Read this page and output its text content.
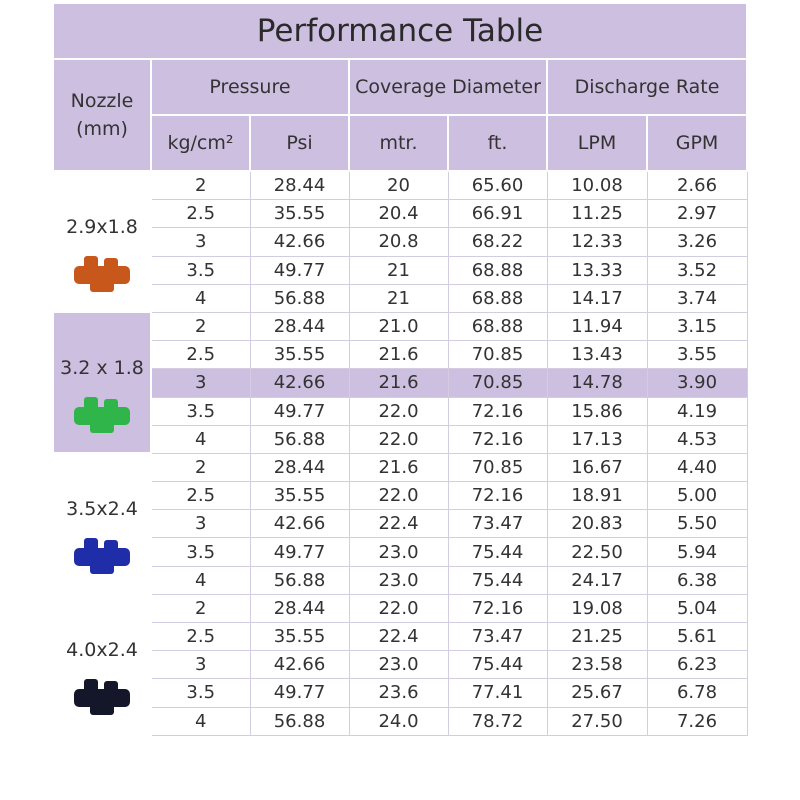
Performance Table						
Nozzle (mm)	Pressure		Coverage Diameter		Discharge Rate	
	kg/cm²	Psi	mtr.	ft.	LPM	GPM

2.9x1.8	2	28.44	20	65.60	10.08	2.66
	2.5	35.55	20.4	66.91	11.25	2.97
	3	42.66	20.8	68.22	12.33	3.26
	3.5	49.77	21	68.88	13.33	3.52
	4	56.88	21	68.88	14.17	3.74

3.2 x 1.8	2	28.44	21.0	68.88	11.94	3.15
	2.5	35.55	21.6	70.85	13.43	3.55
	3	42.66	21.6	70.85	14.78	3.90
	3.5	49.77	22.0	72.16	15.86	4.19
	4	56.88	22.0	72.16	17.13	4.53

3.5x2.4	2	28.44	21.6	70.85	16.67	4.40
	2.5	35.55	22.0	72.16	18.91	5.00
	3	42.66	22.4	73.47	20.83	5.50
	3.5	49.77	23.0	75.44	22.50	5.94
	4	56.88	23.0	75.44	24.17	6.38

4.0x2.4	2	28.44	22.0	72.16	19.08	5.04
	2.5	35.55	22.4	73.47	21.25	5.61
	3	42.66	23.0	75.44	23.58	6.23
	3.5	49.77	23.6	77.41	25.67	6.78
	4	56.88	24.0	78.72	27.50	7.26
